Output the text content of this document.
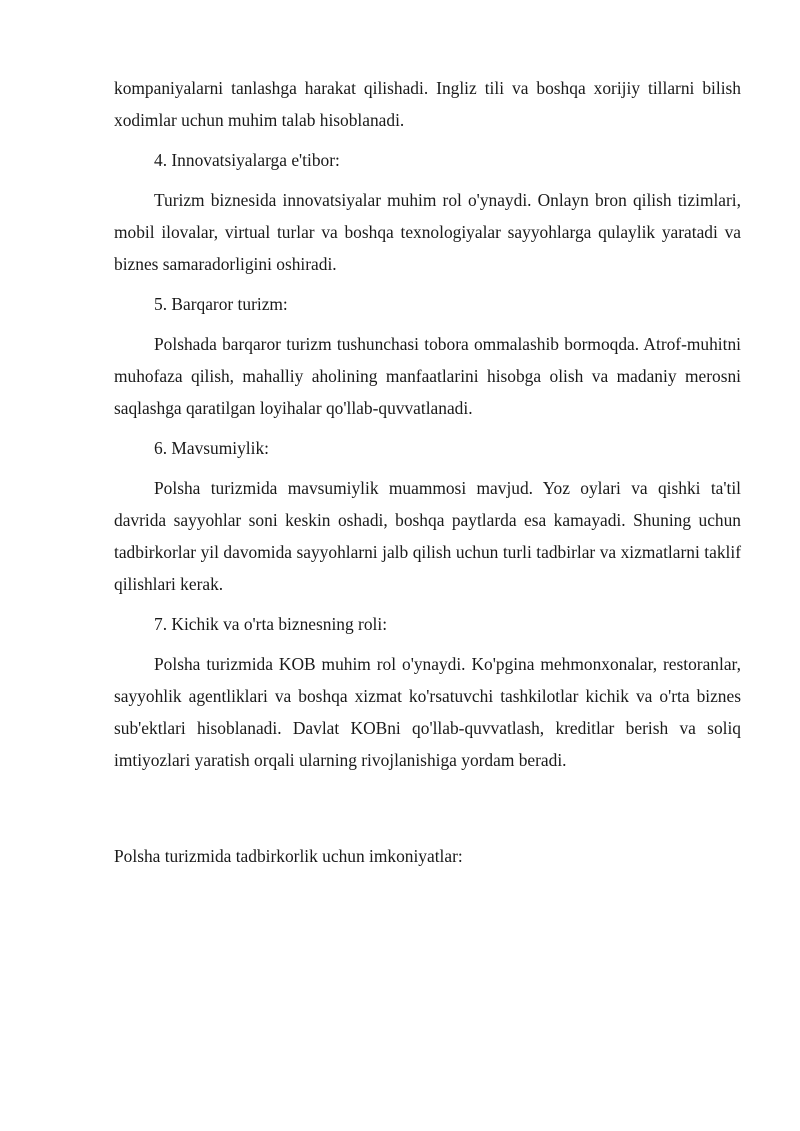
kompaniyalarni tanlashga harakat qilishadi. Ingliz tili va boshqa xorijiy tillarni bilish xodimlar uchun muhim talab hisoblanadi.

4. Innovatsiyalarga e'tibor:

Turizm biznesida innovatsiyalar muhim rol o'ynaydi. Onlayn bron qilish tizimlari, mobil ilovalar, virtual turlar va boshqa texnologiyalar sayyohlarga qulaylik yaratadi va biznes samaradorligini oshiradi.

5. Barqaror turizm:

Polshada barqaror turizm tushunchasi tobora ommalashib bormoqda. Atrof-muhitni muhofaza qilish, mahalliy aholining manfaatlarini hisobga olish va madaniy merosni saqlashga qaratilgan loyihalar qo'llab-quvvatlanadi.

6. Mavsumiylik:

Polsha turizmida mavsumiylik muammosi mavjud. Yoz oylari va qishki ta'til davrida sayyohlar soni keskin oshadi, boshqa paytlarda esa kamayadi. Shuning uchun tadbirkorlar yil davomida sayyohlarni jalb qilish uchun turli tadbirlar va xizmatlarni taklif qilishlari kerak.

7. Kichik va o'rta biznesning roli:

Polsha turizmida KOB muhim rol o'ynaydi. Ko'pgina mehmonxonalar, restoranlar, sayyohlik agentliklari va boshqa xizmat ko'rsatuvchi tashkilotlar kichik va o'rta biznes sub'ektlari hisoblanadi. Davlat KOBni qo'llab-quvvatlash, kreditlar berish va soliq imtiyozlari yaratish orqali ularning rivojlanishiga yordam beradi.

Polsha turizmida tadbirkorlik uchun imkoniyatlar:
